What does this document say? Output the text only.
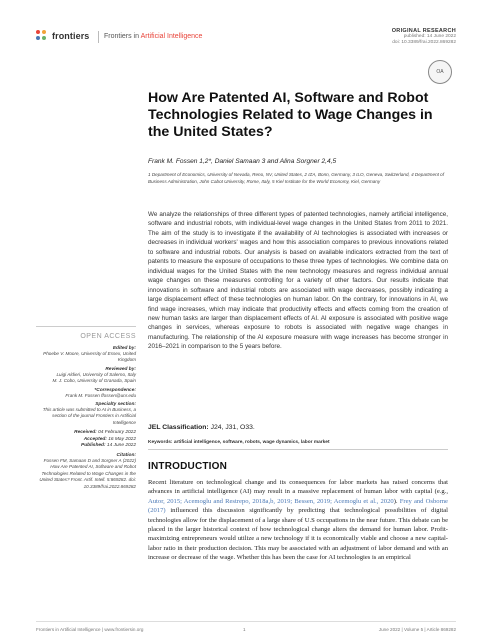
frontiers Frontiers in Artificial Intelligence
ORIGINAL RESEARCH
published: 14 June 2022
doi: 10.3389/frai.2022.869282
OA
How Are Patented AI, Software and Robot Technologies Related to Wage Changes in the United States?
Frank M. Fossen 1,2*, Daniel Samaan 3 and Alina Sorgner 2,4,5
1 Department of Economics, University of Nevada, Reno, NV, United States, 2 IZA, Bonn, Germany, 3 ILO, Geneva, Switzerland, 4 Department of Business Administration, John Cabot University, Rome, Italy, 5 Kiel Institute for the World Economy, Kiel, Germany
We analyze the relationships of three different types of patented technologies, namely artificial intelligence, software and industrial robots, with individual-level wage changes in the United States from 2011 to 2021. The aim of the study is to investigate if the availability of AI technologies is associated with increases or decreases in individual workers' wages and how this association compares to previous innovations related to software and industrial robots. Our analysis is based on available indicators extracted from the text of patents to measure the exposure of occupations to these three types of technologies. We combine data on individual wages for the United States with the new technology measures and regress individual annual wage changes on these measures controlling for a variety of other factors. Our results indicate that innovations in software and industrial robots are associated with wage decreases, possibly indicating a large displacement effect of these technologies on human labor. On the contrary, for innovations in AI, we find wage increases, which may indicate that productivity effects and effects coming from the creation of new human tasks are larger than displacement effects of AI. AI exposure is associated with positive wage changes in services, whereas exposure to robots is associated with negative wage changes in manufacturing. The relationship of the AI exposure measure with wage increases has become stronger in 2016–2021 in comparison to the 5 years before.
JEL Classification: J24, J31, O33.
Keywords: artificial intelligence, software, robots, wage dynamics, labor market
OPEN ACCESS
Edited by:
Phoebe V. Moore, University of Essex, United Kingdom
Reviewed by:
Luigi Aldieri, University of Salerno, Italy
M. J. Cobo, University of Granada, Spain
*Correspondence:
Frank M. Fossen ffossen@unr.edu
Specialty section:
This article was submitted to AI in Business, a section of the journal Frontiers in Artificial Intelligence
Received: 04 February 2022
Accepted: 16 May 2022
Published: 14 June 2022
Citation:
Fossen FM, Samaan D and Sorgner A (2022) How Are Patented AI, Software and Robot Technologies Related to Wage Changes in the United States? Front. Artif. Intell. 5:869282. doi: 10.3389/frai.2022.869282
INTRODUCTION
Recent literature on technological change and its consequences for labor markets has raised concerns that advances in artificial intelligence (AI) may result in a massive replacement of human labor with capital (e.g., Autor, 2015; Acemoglu and Restrepo, 2018a,b, 2019; Bessen, 2019; Acemoglu et al., 2020). Frey and Osborne (2017) influenced this discussion significantly by predicting that technological possibilities of digital technologies allow for the displacement of a large share of U.S occupations in the near future. This debate can be placed in the larger historical context of how technological change alters the demand for human labor. Profit-maximizing entrepreneurs would utilize a new technology if it is economically viable and choose a new capital-labor ratio in their production decision. This may be associated with an adjustment of labor demand and with an increase or decrease of the wage. Whether this has been the case for AI technologies is an empirical
Frontiers in Artificial Intelligence | www.frontiersin.org	1	June 2022 | Volume 5 | Article 869282
